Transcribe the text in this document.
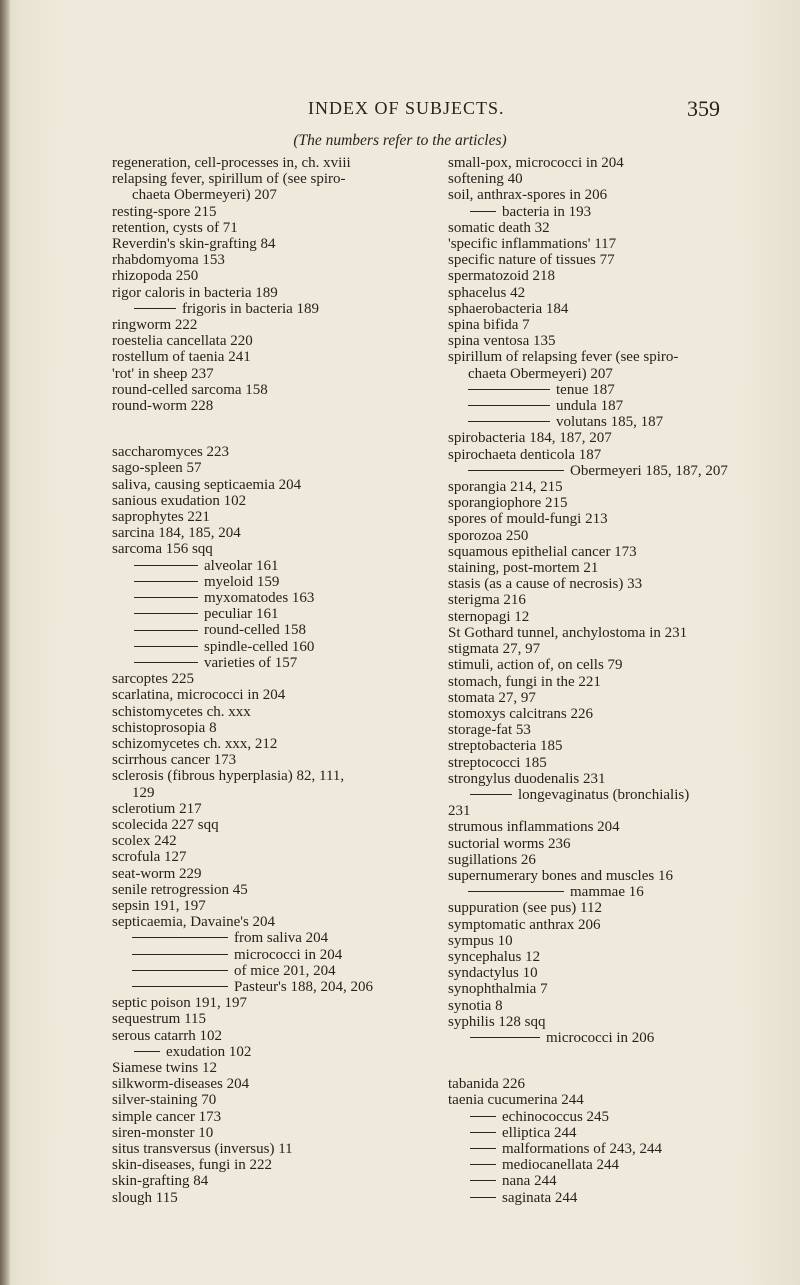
INDEX OF SUBJECTS.	359
(The numbers refer to the articles)
regeneration, cell-processes in, ch. xviii
relapsing fever, spirillum of (see spiro-
chaeta Obermeyeri) 207
resting-spore 215
retention, cysts of 71
Reverdin's skin-grafting 84
rhabdomyoma 153
rhizopoda 250
rigor caloris in bacteria 189
frigoris in bacteria 189
ringworm 222
roestelia cancellata 220
rostellum of taenia 241
'rot' in sheep 237
round-celled sarcoma 158
round-worm 228
saccharomyces 223
sago-spleen 57
saliva, causing septicaemia 204
sanious exudation 102
saprophytes 221
sarcina 184, 185, 204
sarcoma 156 sqq
alveolar 161
myeloid 159
myxomatodes 163
peculiar 161
round-celled 158
spindle-celled 160
varieties of 157
sarcoptes 225
scarlatina, micrococci in 204
schistomycetes ch. xxx
schistoprosopia 8
schizomycetes ch. xxx, 212
scirrhous cancer 173
sclerosis (fibrous hyperplasia) 82, 111,
129
sclerotium 217
scolecida 227 sqq
scolex 242
scrofula 127
seat-worm 229
senile retrogression 45
sepsin 191, 197
septicaemia, Davaine's 204
from saliva 204
micrococci in 204
of mice 201, 204
Pasteur's 188, 204, 206
septic poison 191, 197
sequestrum 115
serous catarrh 102
exudation 102
Siamese twins 12
silkworm-diseases 204
silver-staining 70
simple cancer 173
siren-monster 10
situs transversus (inversus) 11
skin-diseases, fungi in 222
skin-grafting 84
slough 115
small-pox, micrococci in 204
softening 40
soil, anthrax-spores in 206
bacteria in 193
somatic death 32
'specific inflammations' 117
specific nature of tissues 77
spermatozoid 218
sphacelus 42
sphaerobacteria 184
spina bifida 7
spina ventosa 135
spirillum of relapsing fever (see spiro-
chaeta Obermeyeri) 207
tenue 187
undula 187
volutans 185, 187
spirobacteria 184, 187, 207
spirochaeta denticola 187
Obermeyeri 185, 187, 207
sporangia 214, 215
sporangiophore 215
spores of mould-fungi 213
sporozoa 250
squamous epithelial cancer 173
staining, post-mortem 21
stasis (as a cause of necrosis) 33
sterigma 216
sternopagi 12
St Gothard tunnel, anchylostoma in 231
stigmata 27, 97
stimuli, action of, on cells 79
stomach, fungi in the 221
stomata 27, 97
stomoxys calcitrans 226
storage-fat 53
streptobacteria 185
streptococci 185
strongylus duodenalis 231
longevaginatus (bronchialis)
231
strumous inflammations 204
suctorial worms 236
sugillations 26
supernumerary bones and muscles 16
mammae 16
suppuration (see pus) 112
symptomatic anthrax 206
sympus 10
syncephalus 12
syndactylus 10
synophthalmia 7
synotia 8
syphilis 128 sqq
micrococci in 206
tabanida 226
taenia cucumerina 244
echinococcus 245
elliptica 244
malformations of 243, 244
mediocanellata 244
nana 244
saginata 244
